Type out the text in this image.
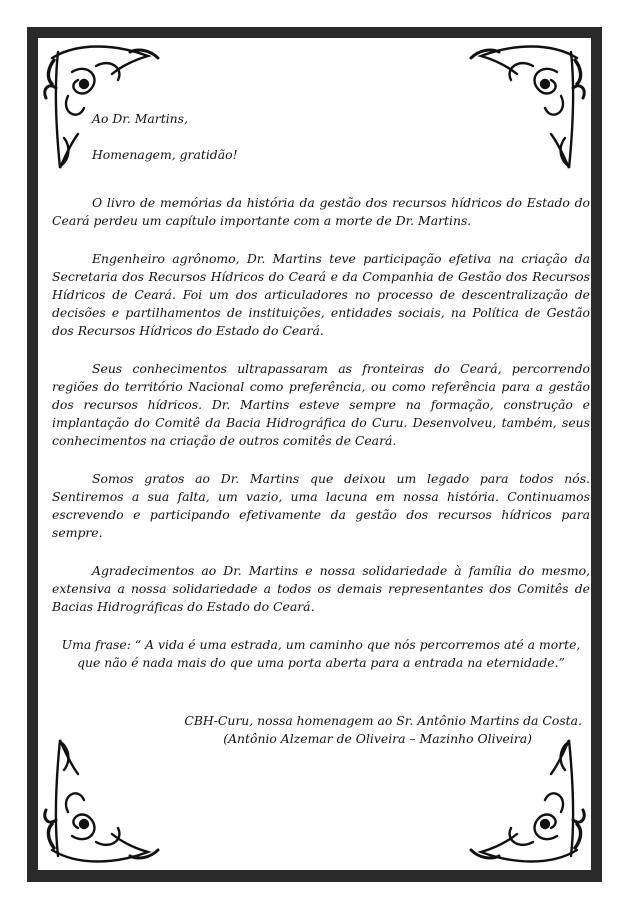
Ao Dr. Martins,

Homenagem, gratidão!

O livro de memórias da história da gestão dos recursos hídricos do Estado do Ceará perdeu um capítulo importante com a morte de Dr. Martins.

Engenheiro agrônomo, Dr. Martins teve participação efetiva na criação da Secretaria dos Recursos Hídricos do Ceará e da Companhia de Gestão dos Recursos Hídricos de Ceará. Foi um dos articuladores no processo de descentralização de decisões e partilhamentos de instituições, entidades sociais, na Política de Gestão dos Recursos Hídricos do Estado do Ceará.

Seus conhecimentos ultrapassaram as fronteiras do Ceará, percorrendo regiões do território Nacional como preferência, ou como referência para a gestão dos recursos hídricos. Dr. Martins esteve sempre na formação, construção e implantação do Comitê da Bacia Hidrográfica do Curu. Desenvolveu, também, seus conhecimentos na criação de outros comitês de Ceará.

Somos gratos ao Dr. Martins que deixou um legado para todos nós. Sentiremos a sua falta, um vazio, uma lacuna em nossa história. Continuamos escrevendo e participando efetivamente da gestão dos recursos hídricos para sempre.

Agradecimentos ao Dr. Martins e nossa solidariedade à família do mesmo, extensiva a nossa solidariedade a todos os demais representantes dos Comitês de Bacias Hidrográficas do Estado do Ceará.

Uma frase: “ A vida é uma estrada, um caminho que nós percorremos até a morte, que não é nada mais do que uma porta aberta para a entrada na eternidade.”

CBH-Curu, nossa homenagem ao Sr. Antônio Martins da Costa.
(Antônio Alzemar de Oliveira – Mazinho Oliveira)
